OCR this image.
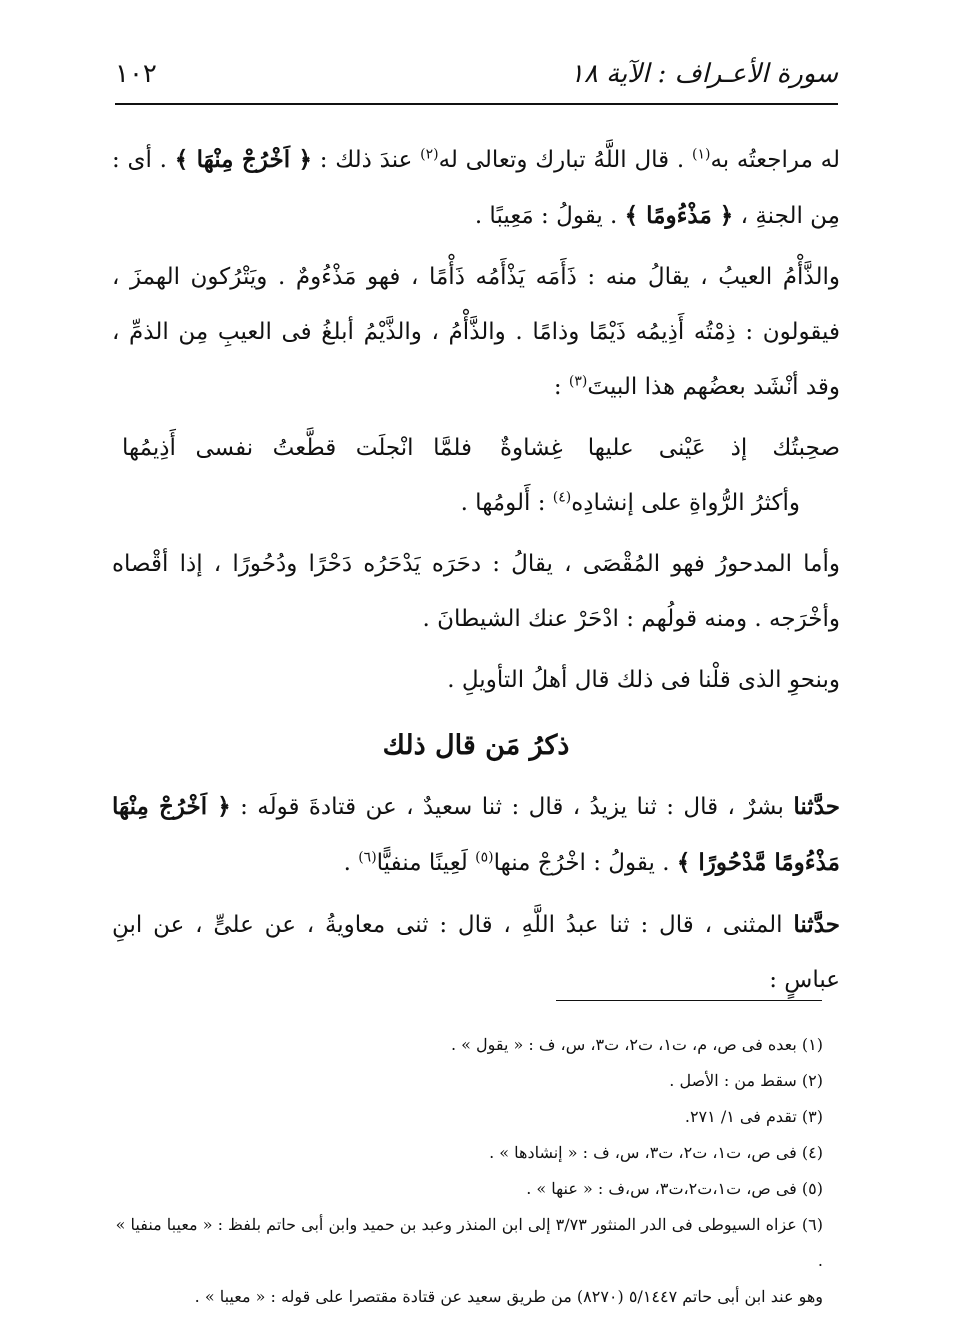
١٠٢	سورة الأعـراف : الآية ١٨

له مراجعتُه به$^{(١)}$ . قال اللَّهُ تبارك وتعالى له$^{(٢)}$ عندَ ذلك : ﴿ اَخْرُجْ مِنْهَا ﴾ . أى : مِن الجنةِ ، ﴿ مَذْءُومًا ﴾ . يقولُ : مَعِيبًا .

والذَّأْمُ العيبُ ، يقالُ منه : ذَأَمَه يَذْأَمُه ذَأْمًا ، فهو مَذْءُومٌ . ويَتْرُكون الهمزَ ، فيقولون : ذِمْتُه أَذِيمُه ذَيْمًا وذامًا . والذَّأْمُ ، والذَّيْمُ أبلغُ فى العيبِ مِن الذمِّ ، وقد أنْشَد بعضُهم هذا البيتَ$^{(٣)}$ :

صحِبتُك إذ عَيْنى عليها غِشاوةٌ
فلمَّا انْجلَت قطَّعتُ نفسى أَذِيمُها

وأكثرُ الرُّواةِ على إنشادِه$^{(٤)}$ : أَلومُها .

وأما المدحورُ فهو المُقْصَى ، يقالُ : دحَرَه يَدْحَرُه دَحْرًا ودُحُورًا ، إذا أقْصاه وأخْرَجه . ومنه قولُهم : ادْحَرْ عنك الشيطانَ .

وبنحوِ الذى قلْنا فى ذلك قال أهلُ التأويلِ .

ذكرُ مَن قال ذلك

حدَّثنا بشرٌ ، قال : ثنا يزيدُ ، قال : ثنا سعيدٌ ، عن قتادةَ قولَه : ﴿ اَخْرُجْ مِنْهَا مَذْءُومًا مَّدْحُورًا ﴾ . يقولُ : اخْرُجْ منها$^{(٥)}$ لَعِينًا منفيًّا$^{(٦)}$ .

حدَّثنا المثنى ، قال : ثنا عبدُ اللَّهِ ، قال : ثنى معاويةُ ، عن علىٍّ ، عن ابنِ عباسٍ :

(١) بعده فى ص، م، ت١، ت٢، ت٣، س، ف : « يقول » .

(٢) سقط من : الأصل .

(٣) تقدم فى ١/ ٢٧١.

(٤) فى ص، ت١، ت٢، ت٣، س، ف : « إنشادها » .

(٥) فى ص، ت١،ت٢،ت٣، س،ف : « عنها » .

(٦) عزاه السيوطى فى الدر المنثور ٣/٧٣ إلى ابن المنذر وعبد بن حميد وابن أبى حاتم بلفظ : « معيبا منفيا » .

وهو عند ابن أبى حاتم ٥/١٤٤٧ (٨٢٧٠) من طريق سعيد عن قتادة مقتصرا على قوله : « معيبا » .
